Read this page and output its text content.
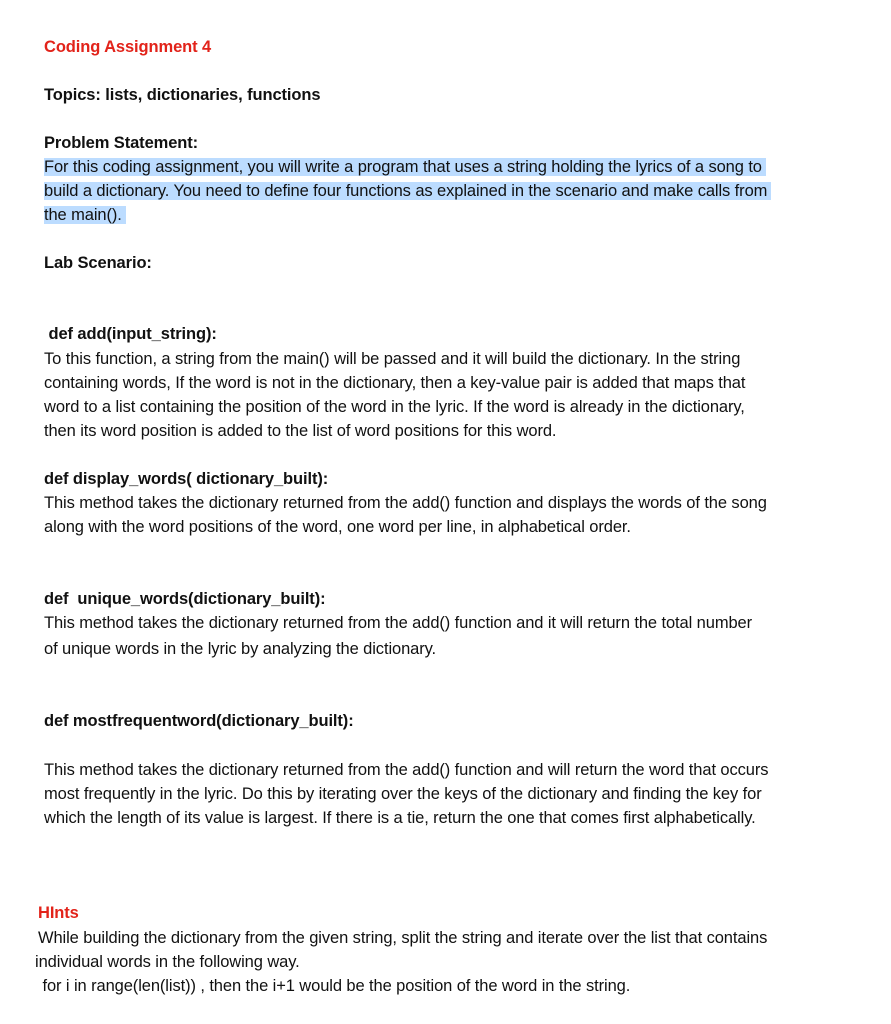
Coding Assignment 4
Topics: lists, dictionaries, functions
Problem Statement:
For this coding assignment, you will write a program that uses a string holding the lyrics of a song to
build a dictionary. You need to define four functions as explained in the scenario and make calls from
the main().
Lab Scenario:
def add(input_string):
To this function, a string from the main() will be passed and it will build the dictionary. In the string
containing words, If the word is not in the dictionary, then a key-value pair is added that maps that
word to a list containing the position of the word in the lyric. If the word is already in the dictionary,
then its word position is added to the list of word positions for this word.
def display_words( dictionary_built):
This method takes the dictionary returned from the add() function and displays the words of the song
along with the word positions of the word, one word per line, in alphabetical order.
def  unique_words(dictionary_built):
This method takes the dictionary returned from the add() function and it will return the total number
of unique words in the lyric by analyzing the dictionary.
def mostfrequentword(dictionary_built):
This method takes the dictionary returned from the add() function and will return the word that occurs
most frequently in the lyric. Do this by iterating over the keys of the dictionary and finding the key for
which the length of its value is largest. If there is a tie, return the one that comes first alphabetically.
HInts
While building the dictionary from the given string, split the string and iterate over the list that contains
individual words in the following way.
for i in range(len(list)) , then the i+1 would be the position of the word in the string.
